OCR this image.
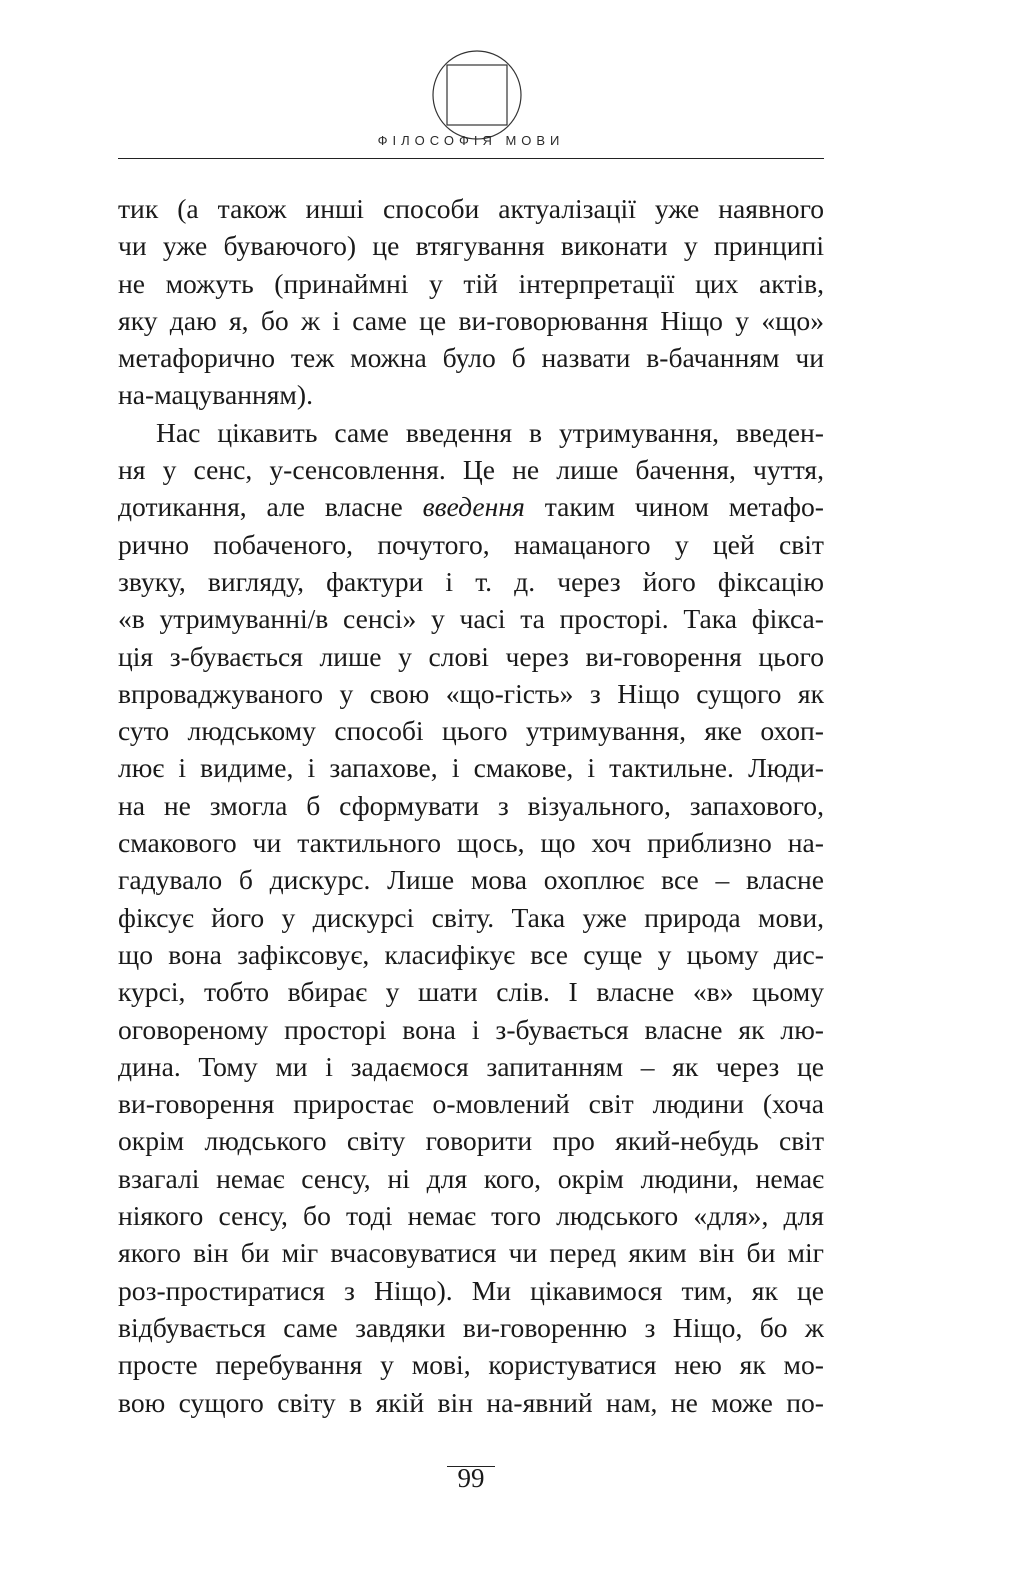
ФІЛОСОФІЯ МОВИ

тик (а також инші способи актуалізації уже наявного

чи уже буваючого) це втягування виконати у принципі

не можуть (принаймні у тій інтерпретації цих актів,

яку даю я, бо ж і саме це ви-говорювання Ніщо у «що»

метафорично теж можна було б назвати в-бачанням чи

на-мацуванням).

Нас цікавить саме введення в утримування, введен-

ня у сенс, у-сенсовлення. Це не лише бачення, чуття,

дотикання, але власне введення таким чином метафо-

рично побаченого, почутого, намацаного у цей світ

звуку, вигляду, фактури і т. д. через його фіксацію

«в утримуванні/в сенсі» у часі та просторі. Така фікса-

ція з-бувається лише у слові через ви-говорення цього

впроваджуваного у свою «що-гість» з Ніщо сущого як

суто людському способі цього утримування, яке охоп-

лює і видиме, і запахове, і смакове, і тактильне. Люди-

на не змогла б сформувати з візуального, запахового,

смакового чи тактильного щось, що хоч приблизно на-

гадувало б дискурс. Лише мова охоплює все – власне

фіксує його у дискурсі світу. Така уже природа мови,

що вона зафіксовує, класифікує все суще у цьому дис-

курсі, тобто вбирає у шати слів. І власне «в» цьому

оговореному просторі вона і з-бувається власне як лю-

дина. Тому ми і задаємося запитанням – як через це

ви-говорення приростає о-мовлений світ людини (хоча

окрім людського світу говорити про який-небудь світ

взагалі немає сенсу, ні для кого, окрім людини, немає

ніякого сенсу, бо тоді немає того людського «для», для

якого він би міг вчасовуватися чи перед яким він би міг

роз-простиратися з Ніщо). Ми цікавимося тим, як це

відбувається саме завдяки ви-говоренню з Ніщо, бо ж

просте перебування у мові, користуватися нею як мо-

вою сущого світу в якій він на-явний нам, не може по-

99
